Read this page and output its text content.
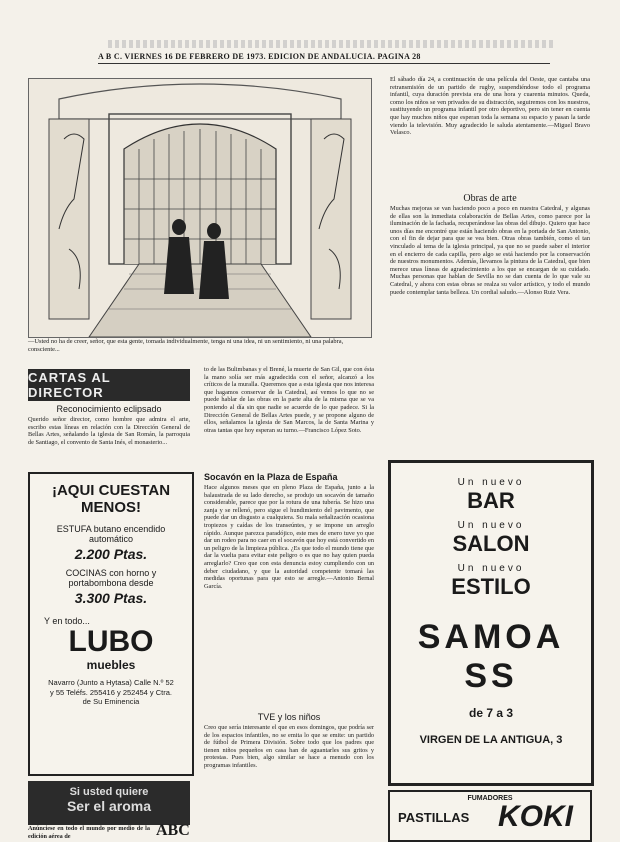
A B C. VIERNES 16 DE FEBRERO DE 1973. EDICION DE ANDALUCIA. PAGINA 28
—Usted no ha de creer, señor, que esta gente, tomada individualmente, tenga ni una idea, ni un sentimiento, ni una palabra, consciente...
El sábado día 24, a continuación de una película del Oeste, que cantaba una retransmisión de un partido de rugby, suspendiéndose todo el programa infantil, cuya duración prevista era de una hora y cuarenta minutos. Queda, como los niños se ven privados de su distracción, seguiremos con los nuestros, sustituyendo un programa infantil por otro deportivo, pero sin tener en cuenta que hay muchos niños que esperan toda la semana su espacio y pasan la tarde viendo la televisión. Muy agradecido le saluda atentamente.—Miguel Bravo Velasco.
Obras de arte
Muchas mejoras se van haciendo poco a poco en nuestra Catedral, y algunas de ellas son la inmediata colaboración de Bellas Artes, como parece por la iluminación de la fachada, recuperándose las obras del dibujo. Quiero que hace unos días me encontré que están haciendo obras en la portada de San Antonio, con el fin de dejar para que se vea bien. Otras obras también, como el tan vinculado al tema de la iglesia principal, ya que no se puede saber el interior en el encierro de cada capilla, pero algo se está haciendo por la conservación de nuestros monumentos. Además, llevamos la pintura de la Catedral, que bien merece unas líneas de agradecimiento a los que se encargan de su cuidado. Muchas personas que hablan de Sevilla no se dan cuenta de lo que vale su Catedral, y ahora con estas obras se realza su valor artístico, y todo el mundo puede contemplar tanta belleza. Un cordial saludo.—Alonso Ruiz Vera.
CARTAS AL DIRECTOR
Reconocimiento eclipsado
Querido señor director, como hombre que admira el arte, escribo estas líneas en relación con la Dirección General de Bellas Artes, señalando la iglesia de San Román, la parroquia de Santiago, el convento de Santa Inés, el monasterio...
¡AQUI CUESTAN MENOS!
ESTUFA butano encendido automático
2.200 Ptas.
COCINAS con horno y portabombona desde
3.300 Ptas.
Y en todo...
LUBO
muebles
Navarro (Junto a Hytasa) Calle N.º 52 y 55 Teléfs. 255416 y 252454 y Ctra. de Su Eminencia
Si usted quiere
Ser el aroma
Anúnciese en todo el mundo por medio de la edición aérea de	ABC
to de las Bulimbanas y el Brené, la muerte de San Gil, que con ésta la mano solía ser más agradecida con el señor, alcanzó a los críticos de la muralla. Queremos que a esta iglesia que nos interesa que hagamos conservar de la Catedral, así vemos lo que no se puede hablar de las obras en la parte alta de la misma que se va poniendo al día sin que nadie se acuerde de lo que padece. Si la Dirección General de Bellas Artes puede, y se propone alguno de ellos, señalamos la iglesia de San Marcos, la de Santa Marina y otras tantas que hoy esperan su turno.—Francisco López Soto.
Socavón en la Plaza de España
Hace algunos meses que en pleno Plaza de España, junto a la balaustrada de su lado derecho, se produjo un socavón de tamaño considerable, parece que por la rotura de una tubería. Se hizo una zanja y se rellenó, pero sigue el hundimiento del pavimento, que puede dar un disgusto a cualquiera. Su mala señalización ocasiona tropiezos y caídas de los transeúntes, y se impone un arreglo rápido. Aunque parezca paradójico, este mes de enero tuve yo que dar un rodeo para no caer en el socavón que hoy está convertido en un peligro de la limpieza pública. ¿Es que todo el mundo tiene que dar la vuelta para evitar este peligro o es que no hay quien pueda arreglarlo? Creo que con esta denuncia estoy cumpliendo con un deber ciudadano, y que la autoridad competente tomará las medidas oportunas para que esto se arregle.—Antonio Bernal García.
TVE y los niños
Creo que sería interesante el que en esos domingos, que podría ser de los espacios infantiles, no se emita lo que se emite: un partido de fútbol de Primera División. Sobre todo que los padres que tienen niños pequeños en casa han de aguantarles sus gritos y protestas. Pues bien, algo similar se hace a menudo con los programas infantiles.
Un nuevo
BAR
Un nuevo
SALON
Un nuevo
ESTILO
SAMOA SS
de 7 a 3
VIRGEN DE LA ANTIGUA, 3
FUMADORES
PASTILLAS KOKI
